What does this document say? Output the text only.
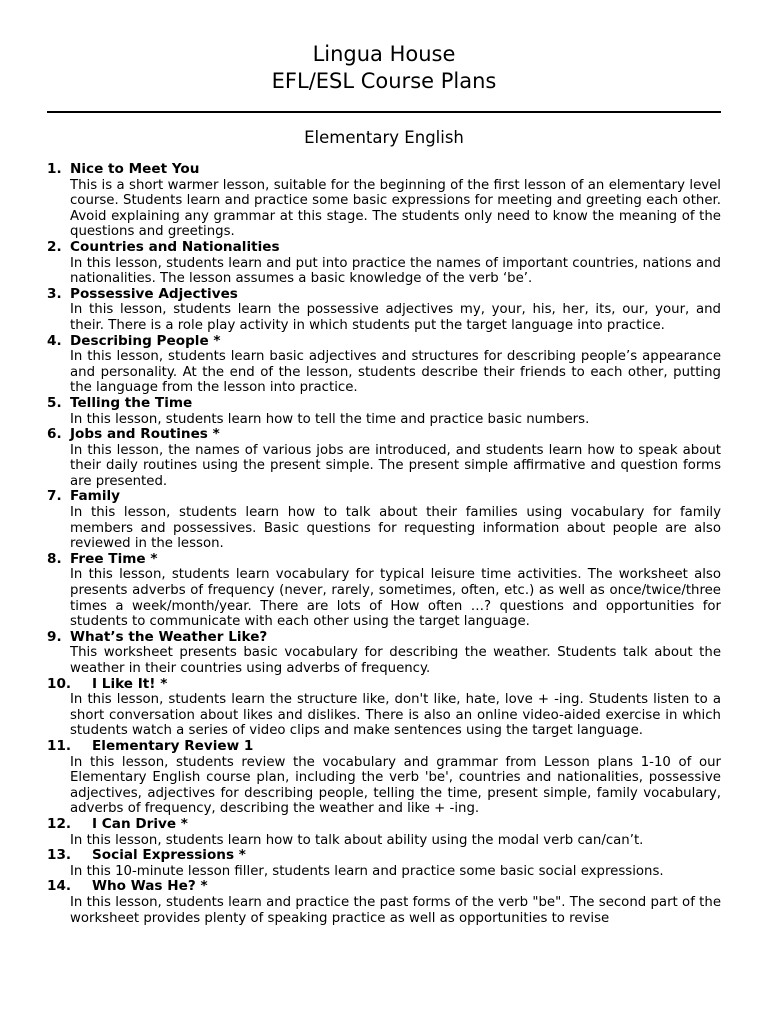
Lingua House
EFL/ESL Course Plans
Elementary English
1. Nice to Meet You
This is a short warmer lesson, suitable for the beginning of the first lesson of an elementary level course. Students learn and practice some basic expressions for meeting and greeting each other. Avoid explaining any grammar at this stage. The students only need to know the meaning of the questions and greetings.
2. Countries and Nationalities
In this lesson, students learn and put into practice the names of important countries, nations and nationalities. The lesson assumes a basic knowledge of the verb ‘be’.
3. Possessive Adjectives
In this lesson, students learn the possessive adjectives my, your, his, her, its, our, your, and their. There is a role play activity in which students put the target language into practice.
4. Describing People *
In this lesson, students learn basic adjectives and structures for describing people’s appearance and personality. At the end of the lesson, students describe their friends to each other, putting the language from the lesson into practice.
5. Telling the Time
In this lesson, students learn how to tell the time and practice basic numbers.
6. Jobs and Routines *
In this lesson, the names of various jobs are introduced, and students learn how to speak about their daily routines using the present simple. The present simple affirmative and question forms are presented.
7. Family
In this lesson, students learn how to talk about their families using vocabulary for family members and possessives. Basic questions for requesting information about people are also reviewed in the lesson.
8. Free Time *
In this lesson, students learn vocabulary for typical leisure time activities. The worksheet also presents adverbs of frequency (never, rarely, sometimes, often, etc.) as well as once/twice/three times a week/month/year. There are lots of How often …? questions and opportunities for students to communicate with each other using the target language.
9. What’s the Weather Like?
This worksheet presents basic vocabulary for describing the weather. Students talk about the weather in their countries using adverbs of frequency.
10. I Like It! *
In this lesson, students learn the structure like, don't like, hate, love + -ing. Students listen to a short conversation about likes and dislikes. There is also an online video-aided exercise in which students watch a series of video clips and make sentences using the target language.
11. Elementary Review 1
In this lesson, students review the vocabulary and grammar from Lesson plans 1-10 of our Elementary English course plan, including the verb 'be', countries and nationalities, possessive adjectives, adjectives for describing people, telling the time, present simple, family vocabulary, adverbs of frequency, describing the weather and like + -ing.
12. I Can Drive *
In this lesson, students learn how to talk about ability using the modal verb can/can’t.
13. Social Expressions *
In this 10-minute lesson filler, students learn and practice some basic social expressions.
14. Who Was He? *
In this lesson, students learn and practice the past forms of the verb "be". The second part of the worksheet provides plenty of speaking practice as well as opportunities to revise
